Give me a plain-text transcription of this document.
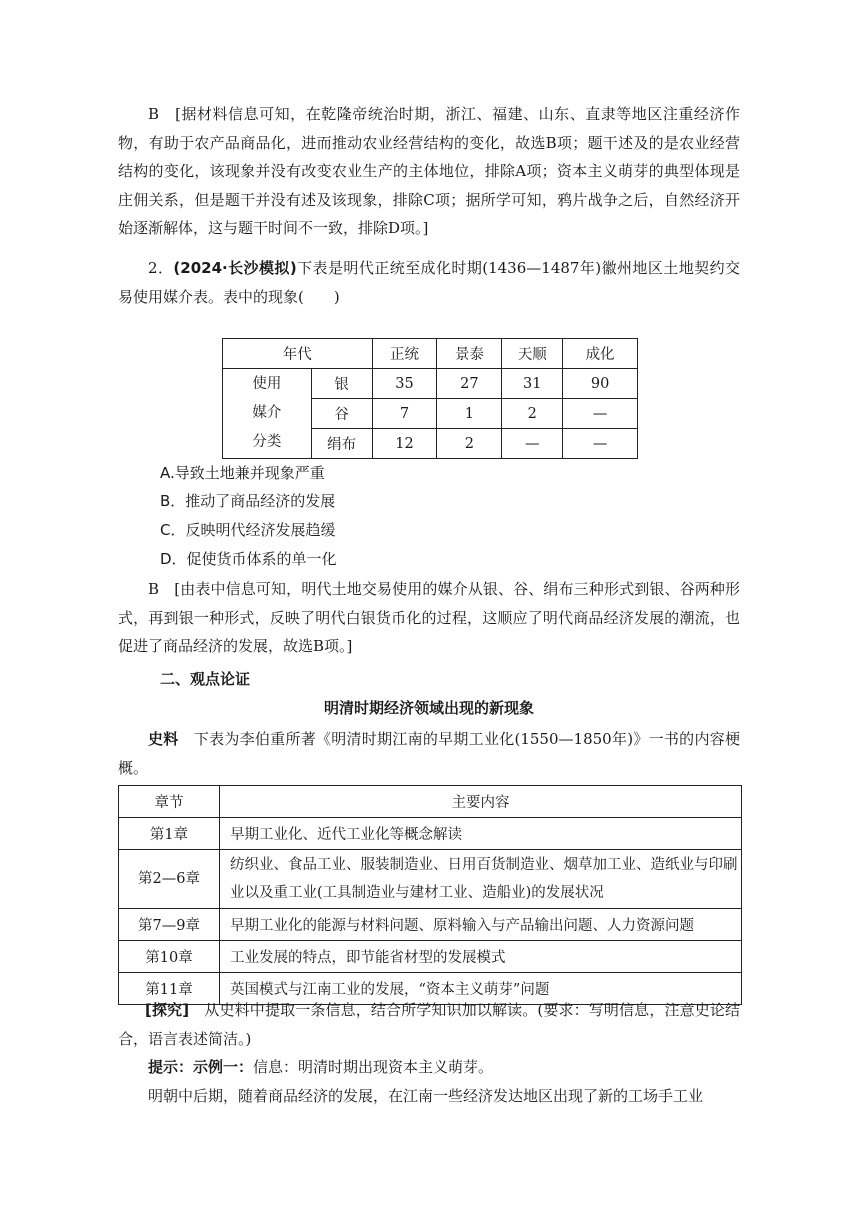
B　[据材料信息可知，在乾隆帝统治时期，浙江、福建、山东、直隶等地区注重经济作物，有助于农产品商品化，进而推动农业经营结构的变化，故选B项；题干述及的是农业经营结构的变化，该现象并没有改变农业生产的主体地位，排除A项；资本主义萌芽的典型体现是庄佣关系，但是题干并没有述及该现象，排除C项；据所学可知，鸦片战争之后，自然经济开始逐渐解体，这与题干时间不一致，排除D项。]
2．(2024·长沙模拟)下表是明代正统至成化时期(1436—1487年)徽州地区土地契约交易使用媒介表。表中的现象(　　)
年代		正统	景泰	天顺	成化

使用
媒介
分类	银	35	27	31	90
	谷	7	1	2	—
	绢布	12	2	—	—
A.导致土地兼并现象严重
B．推动了商品经济的发展
C．反映明代经济发展趋缓
D．促使货币体系的单一化
B　[由表中信息可知，明代土地交易使用的媒介从银、谷、绢布三种形式到银、谷两种形式，再到银一种形式，反映了明代白银货币化的过程，这顺应了明代商品经济发展的潮流，也促进了商品经济的发展，故选B项。]
二、观点论证
明清时期经济领域出现的新现象
史料　下表为李伯重所著《明清时期江南的早期工业化(1550—1850年)》一书的内容梗概。
章节	主要内容
第1章	早期工业化、近代工业化等概念解读
第2—6章	纺织业、食品工业、服装制造业、日用百货制造业、烟草加工业、造纸业与印刷业以及重工业(工具制造业与建材工业、造船业)的发展状况
第7—9章	早期工业化的能源与材料问题、原料输入与产品输出问题、人力资源问题
第10章	工业发展的特点，即节能省材型的发展模式
第11章	英国模式与江南工业的发展，“资本主义萌芽”问题
[探究]　从史料中提取一条信息，结合所学知识加以解读。(要求：写明信息，注意史论结合，语言表述简洁。)
提示：示例一：信息：明清时期出现资本主义萌芽。
明朝中后期，随着商品经济的发展，在江南一些经济发达地区出现了新的工场手工业
